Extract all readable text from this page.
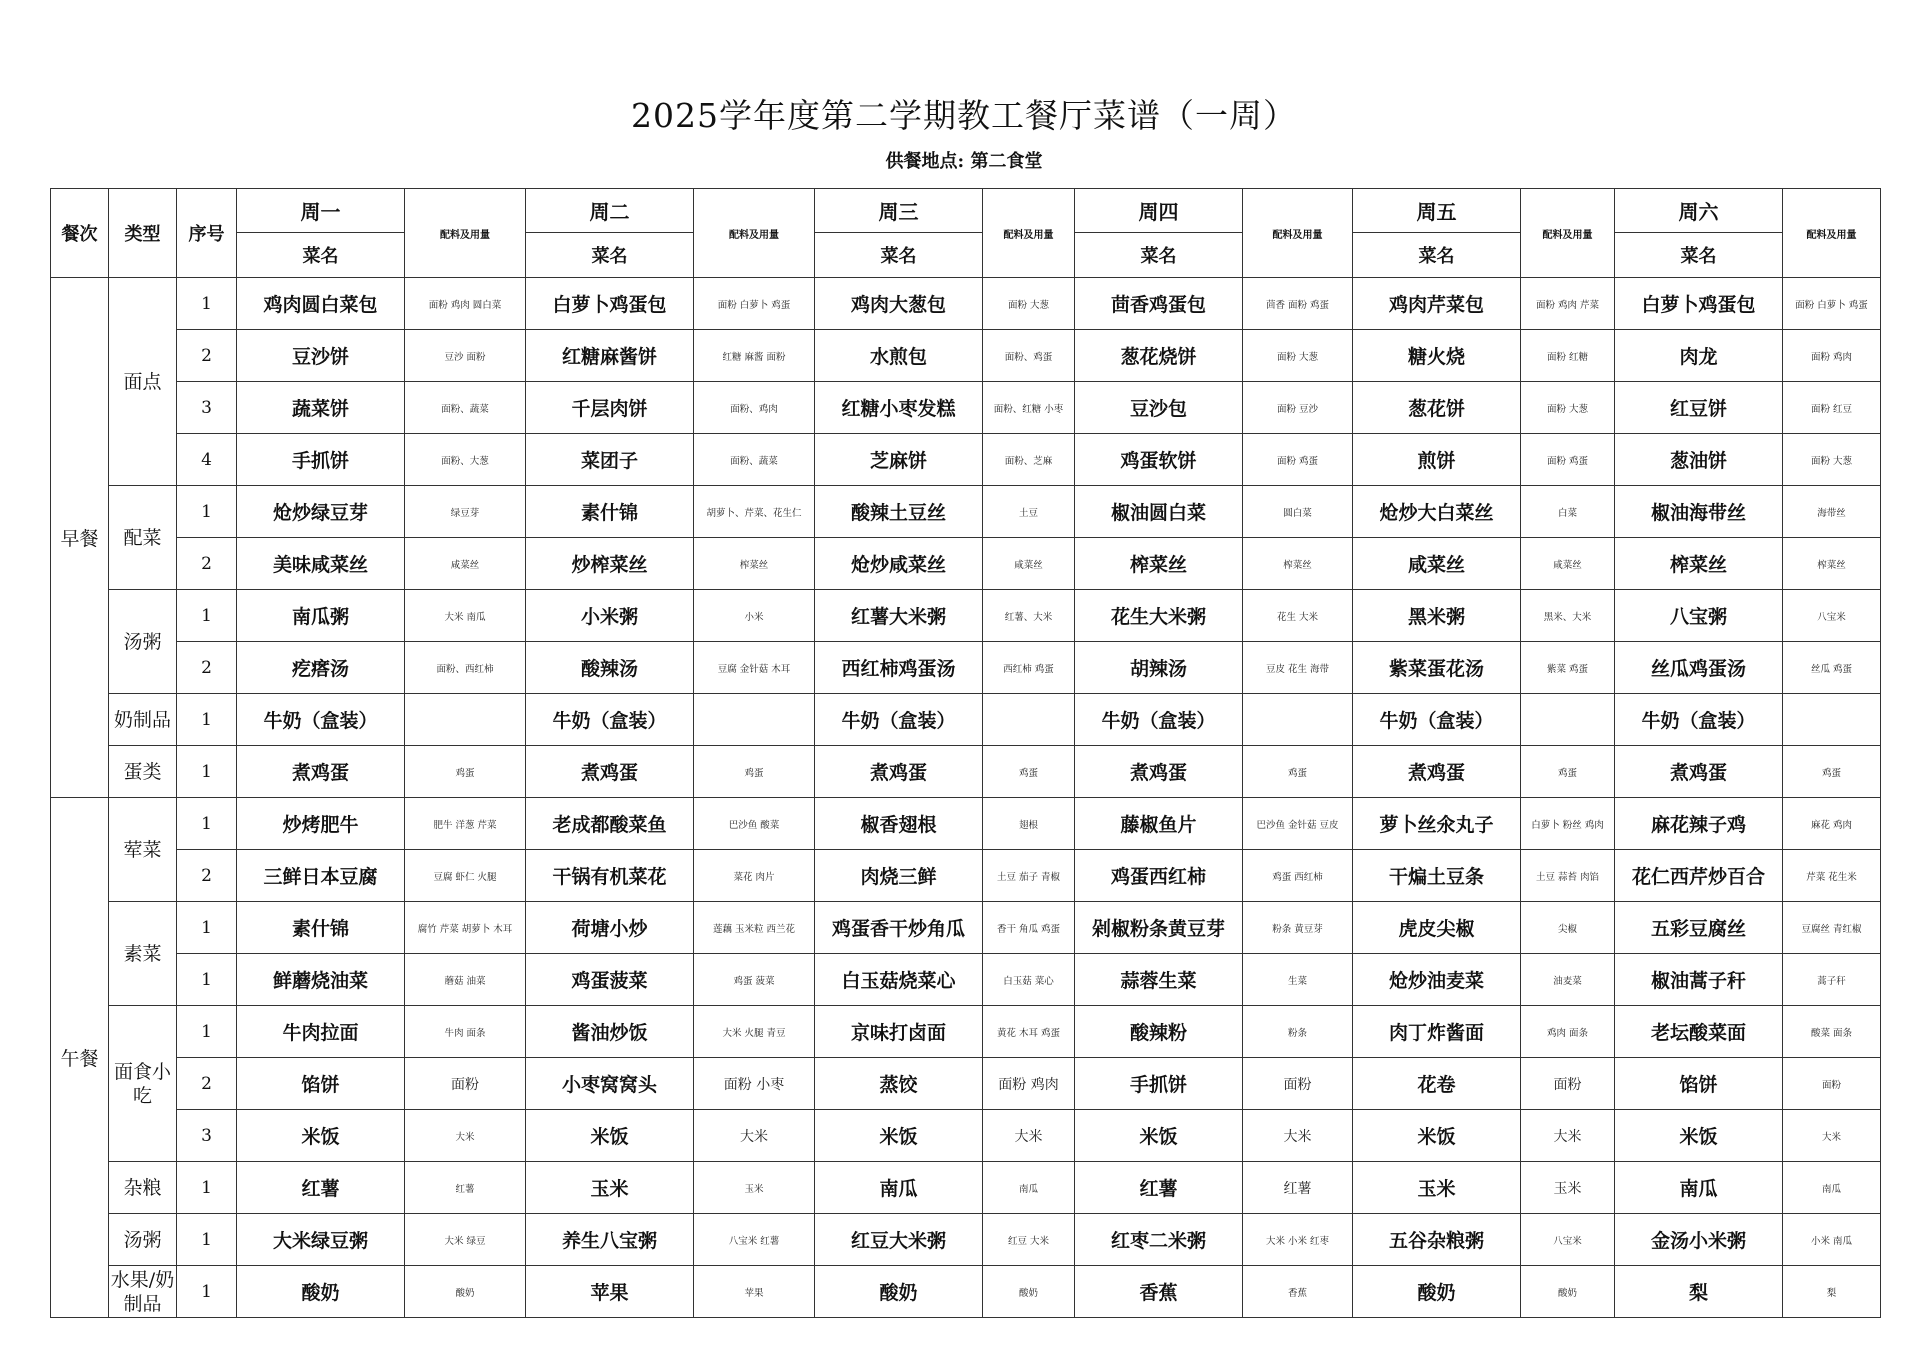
2025学年度第二学期教工餐厅菜谱（一周）
供餐地点: 第二食堂
餐次	类型	序号	周一	配料及用量	周二	配料及用量	周三	配料及用量	周四	配料及用量	周五	配料及用量	周六	配料及用量
			菜名		菜名		菜名		菜名		菜名		菜名	
早餐	面点	1	鸡肉圆白菜包	面粉 鸡肉 圆白菜	白萝卜鸡蛋包	面粉 白萝卜 鸡蛋	鸡肉大葱包	面粉 大葱	茴香鸡蛋包	茴香 面粉 鸡蛋	鸡肉芹菜包	面粉 鸡肉 芹菜	白萝卜鸡蛋包	面粉 白萝卜 鸡蛋
		2	豆沙饼	豆沙 面粉	红糖麻酱饼	红糖 麻酱 面粉	水煎包	面粉、鸡蛋	葱花烧饼	面粉 大葱	糖火烧	面粉 红糖	肉龙	面粉 鸡肉
		3	蔬菜饼	面粉、蔬菜	千层肉饼	面粉、鸡肉	红糖小枣发糕	面粉、红糖 小枣	豆沙包	面粉 豆沙	葱花饼	面粉 大葱	红豆饼	面粉 红豆
		4	手抓饼	面粉、大葱	菜团子	面粉、蔬菜	芝麻饼	面粉、芝麻	鸡蛋软饼	面粉 鸡蛋	煎饼	面粉 鸡蛋	葱油饼	面粉 大葱
	配菜	1	炝炒绿豆芽	绿豆芽	素什锦	胡萝卜、芹菜、花生仁	酸辣土豆丝	土豆	椒油圆白菜	圆白菜	炝炒大白菜丝	白菜	椒油海带丝	海带丝
		2	美味咸菜丝	咸菜丝	炒榨菜丝	榨菜丝	炝炒咸菜丝	咸菜丝	榨菜丝	榨菜丝	咸菜丝	咸菜丝	榨菜丝	榨菜丝
	汤粥	1	南瓜粥	大米 南瓜	小米粥	小米	红薯大米粥	红薯、大米	花生大米粥	花生 大米	黑米粥	黑米、大米	八宝粥	八宝米
		2	疙瘩汤	面粉、西红柿	酸辣汤	豆腐 金针菇 木耳	西红柿鸡蛋汤	西红柿 鸡蛋	胡辣汤	豆皮 花生 海带	紫菜蛋花汤	紫菜 鸡蛋	丝瓜鸡蛋汤	丝瓜 鸡蛋
	奶制品	1	牛奶（盒装）		牛奶（盒装）		牛奶（盒装）		牛奶（盒装）		牛奶（盒装）		牛奶（盒装）	
	蛋类	1	煮鸡蛋	鸡蛋	煮鸡蛋	鸡蛋	煮鸡蛋	鸡蛋	煮鸡蛋	鸡蛋	煮鸡蛋	鸡蛋	煮鸡蛋	鸡蛋
午餐	荤菜	1	炒烤肥牛	肥牛 洋葱 芹菜	老成都酸菜鱼	巴沙鱼 酸菜	椒香翅根	翅根	藤椒鱼片	巴沙鱼 金针菇 豆皮	萝卜丝氽丸子	白萝卜 粉丝 鸡肉	麻花辣子鸡	麻花 鸡肉
		2	三鲜日本豆腐	豆腐 虾仁 火腿	干锅有机菜花	菜花 肉片	肉烧三鲜	土豆 茄子 青椒	鸡蛋西红柿	鸡蛋 西红柿	干煸土豆条	土豆 蒜苔 肉馅	花仁西芹炒百合	芹菜 花生米
	素菜	1	素什锦	腐竹 芹菜 胡萝卜 木耳	荷塘小炒	莲藕 玉米粒 西兰花	鸡蛋香干炒角瓜	香干 角瓜 鸡蛋	剁椒粉条黄豆芽	粉条 黄豆芽	虎皮尖椒	尖椒	五彩豆腐丝	豆腐丝 青红椒
		1	鲜蘑烧油菜	蘑菇 油菜	鸡蛋菠菜	鸡蛋 菠菜	白玉菇烧菜心	白玉菇 菜心	蒜蓉生菜	生菜	炝炒油麦菜	油麦菜	椒油蒿子秆	蒿子秆
	面食小吃	1	牛肉拉面	牛肉 面条	酱油炒饭	大米 火腿 青豆	京味打卤面	黄花 木耳 鸡蛋	酸辣粉	粉条	肉丁炸酱面	鸡肉 面条	老坛酸菜面	酸菜 面条
		2	馅饼	面粉	小枣窝窝头	面粉 小枣	蒸饺	面粉 鸡肉	手抓饼	面粉	花卷	面粉	馅饼	面粉
		3	米饭	大米	米饭	大米	米饭	大米	米饭	大米	米饭	大米	米饭	大米
	杂粮	1	红薯	红薯	玉米	玉米	南瓜	南瓜	红薯	红薯	玉米	玉米	南瓜	南瓜
	汤粥	1	大米绿豆粥	大米 绿豆	养生八宝粥	八宝米 红薯	红豆大米粥	红豆 大米	红枣二米粥	大米 小米 红枣	五谷杂粮粥	八宝米	金汤小米粥	小米 南瓜
	水果/奶制品	1	酸奶	酸奶	苹果	苹果	酸奶	酸奶	香蕉	香蕉	酸奶	酸奶	梨	梨
